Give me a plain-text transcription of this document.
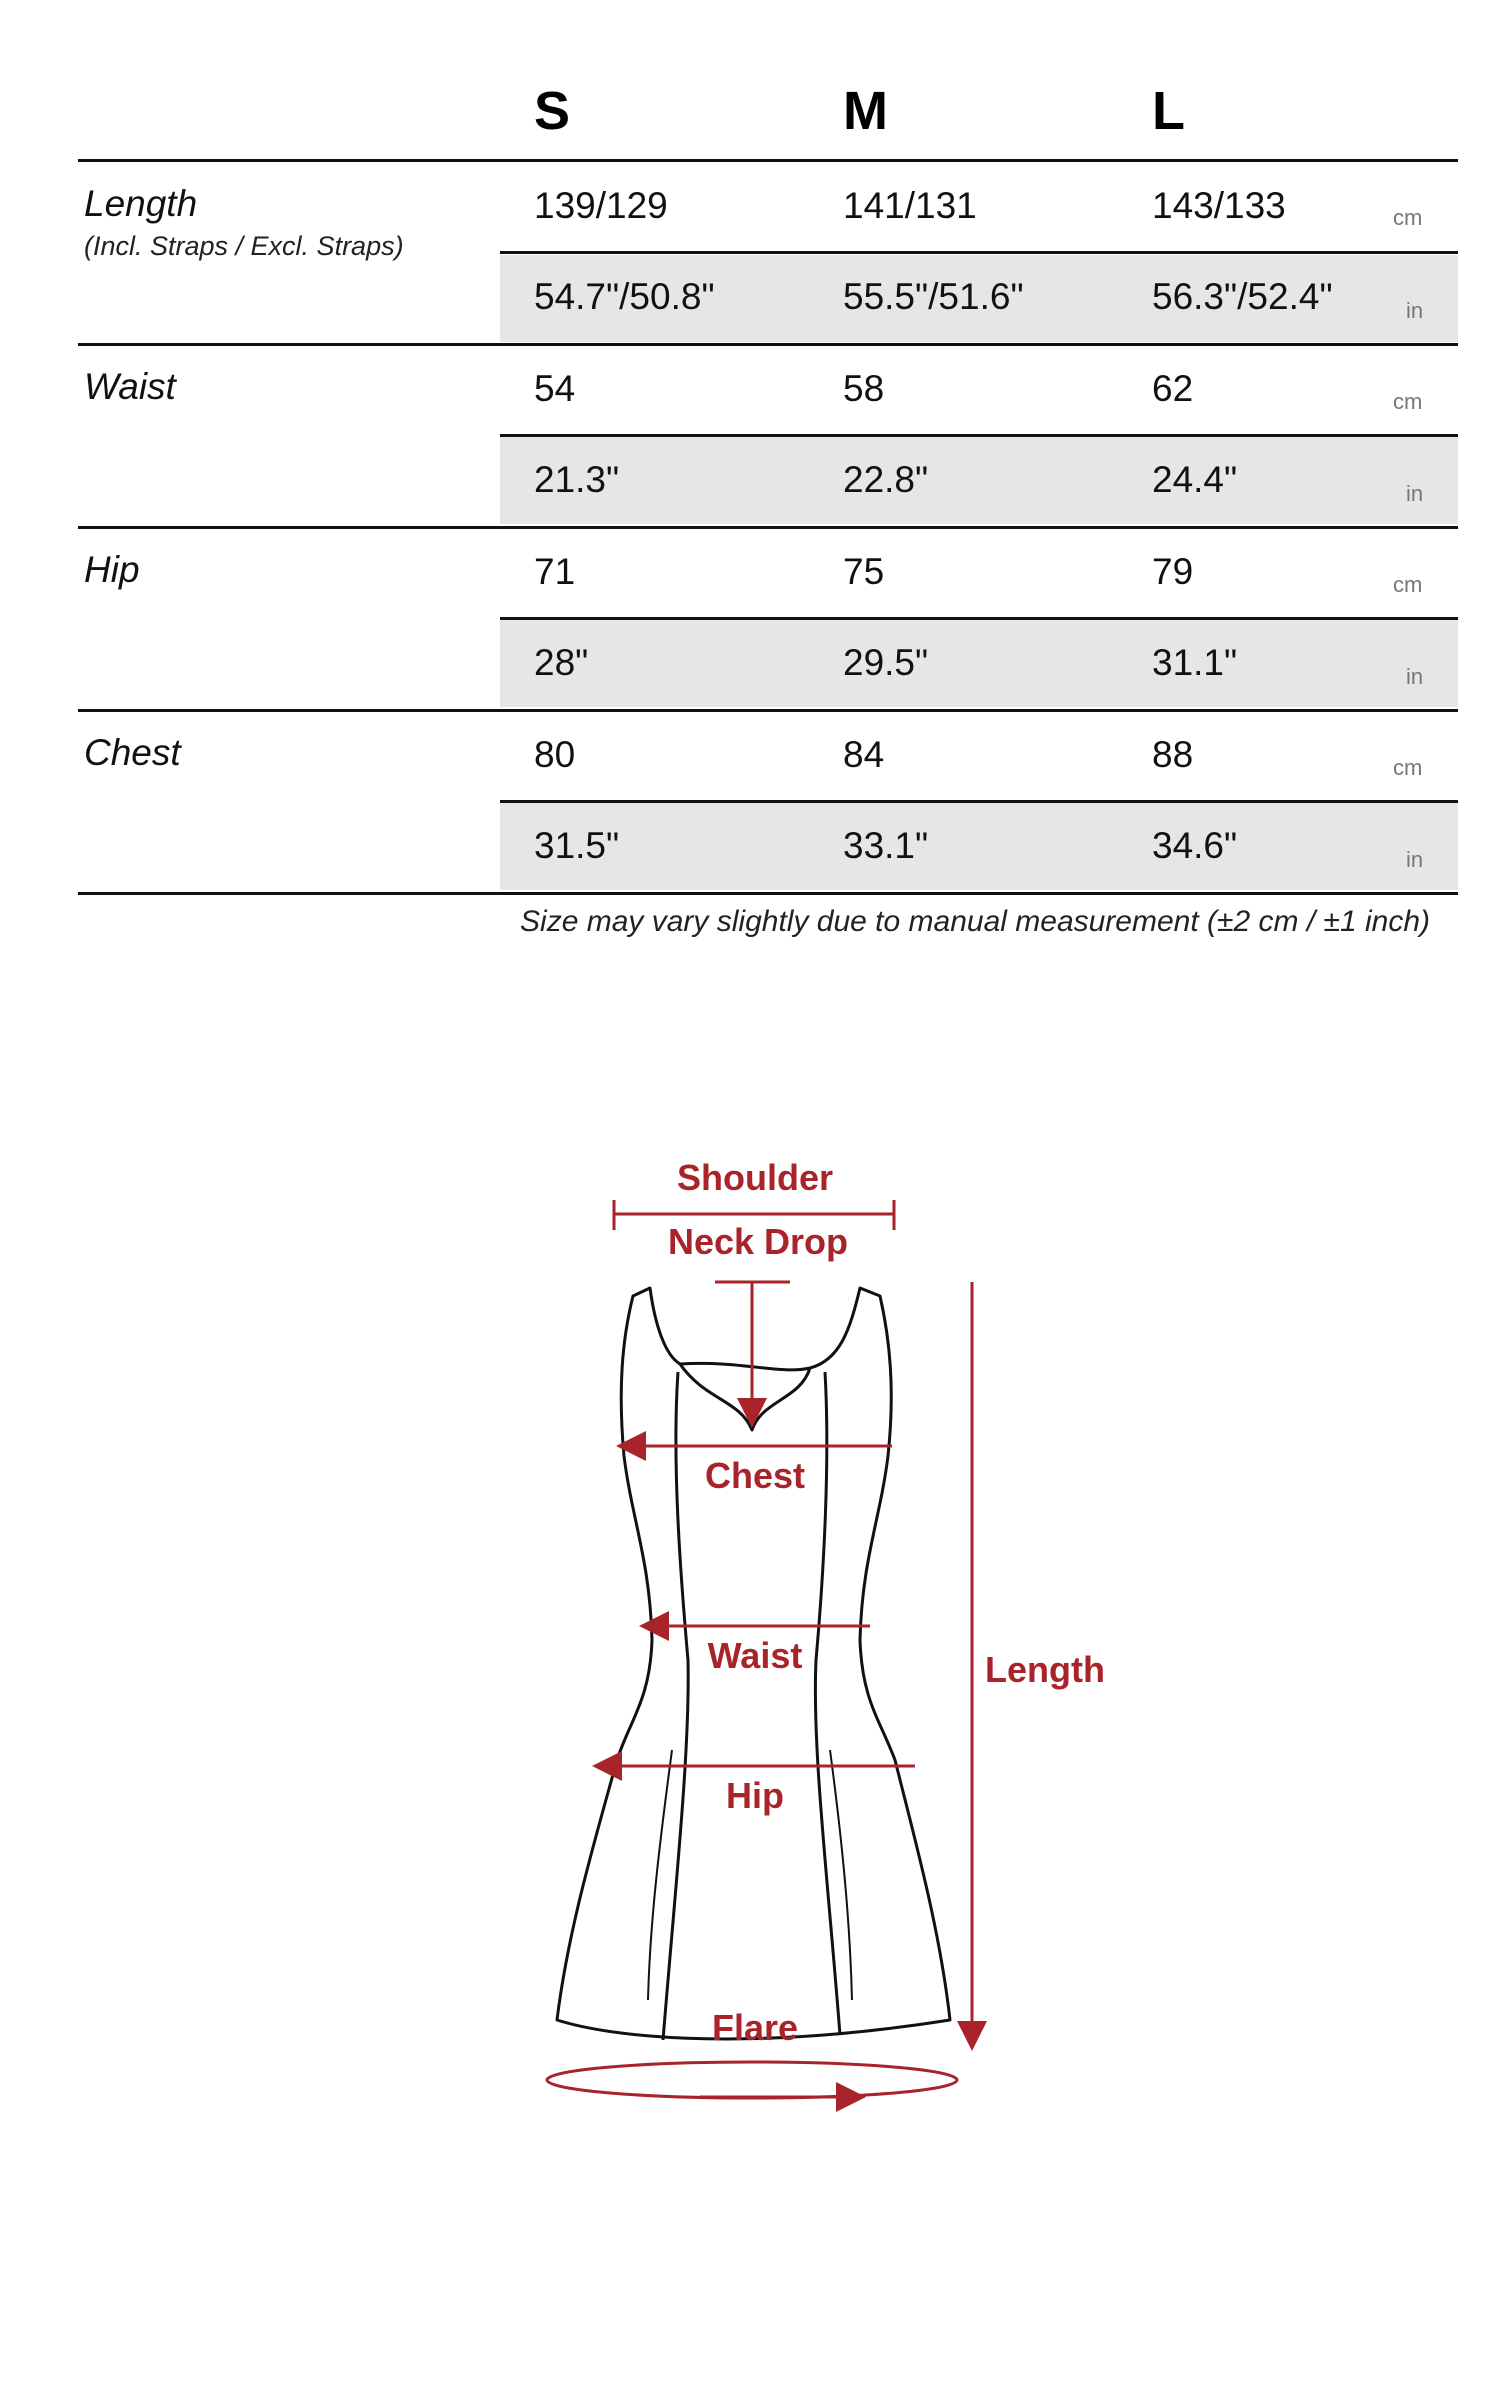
S	M	L
Length
(Incl. Straps / Excl. Straps)
139/129	141/131	143/133	cm
54.7"/50.8"	55.5"/51.6"	56.3"/52.4"	in
Waist	54	58	62	cm
21.3"	22.8"	24.4"	in
Hip	71	75	79	cm
28"	29.5"	31.1"	in
Chest	80	84	88	cm
31.5"	33.1"	34.6"	in
Size may vary slightly due to manual measurement (±2 cm / ±1 inch)
Shoulder
Neck Drop
Chest
Waist
Hip
Length
Flare
